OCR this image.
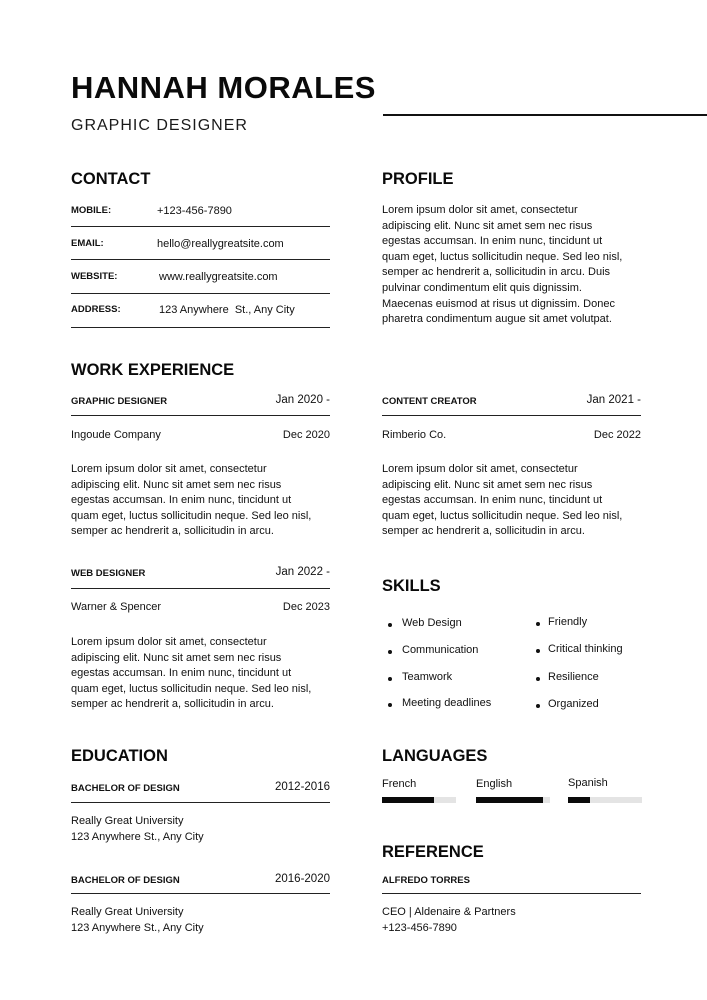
HANNAH MORALES
GRAPHIC DESIGNER
CONTACT
MOBILE:	+123-456-7890
EMAIL:	hello@reallygreatsite.com
WEBSITE:	www.reallygreatsite.com
ADDRESS:	123 Anywhere  St., Any City
PROFILE
Lorem ipsum dolor sit amet, consectetur
adipiscing elit. Nunc sit amet sem nec risus
egestas accumsan. In enim nunc, tincidunt ut
quam eget, luctus sollicitudin neque. Sed leo nisl,
semper ac hendrerit a, sollicitudin in arcu. Duis
pulvinar condimentum elit quis dignissim.
Maecenas euismod at risus ut dignissim. Donec
pharetra condimentum augue sit amet volutpat.
WORK EXPERIENCE
GRAPHIC DESIGNER	Jan 2020 -
Ingoude Company	Dec 2020
Lorem ipsum dolor sit amet, consectetur
adipiscing elit. Nunc sit amet sem nec risus
egestas accumsan. In enim nunc, tincidunt ut
quam eget, luctus sollicitudin neque. Sed leo nisl,
semper ac hendrerit a, sollicitudin in arcu.
CONTENT CREATOR	Jan 2021 -
Rimberio Co.	Dec 2022
Lorem ipsum dolor sit amet, consectetur
adipiscing elit. Nunc sit amet sem nec risus
egestas accumsan. In enim nunc, tincidunt ut
quam eget, luctus sollicitudin neque. Sed leo nisl,
semper ac hendrerit a, sollicitudin in arcu.
WEB DESIGNER	Jan 2022 -
Warner & Spencer	Dec 2023
Lorem ipsum dolor sit amet, consectetur
adipiscing elit. Nunc sit amet sem nec risus
egestas accumsan. In enim nunc, tincidunt ut
quam eget, luctus sollicitudin neque. Sed leo nisl,
semper ac hendrerit a, sollicitudin in arcu.
SKILLS
Web Design
Communication
Teamwork
Meeting deadlines
Friendly
Critical thinking
Resilience
Organized
EDUCATION
BACHELOR OF DESIGN	2012-2016
Really Great University
123 Anywhere St., Any City
BACHELOR OF DESIGN	2016-2020
Really Great University
123 Anywhere St., Any City
LANGUAGES
French	English	Spanish
REFERENCE
ALFREDO TORRES
CEO | Aldenaire & Partners
+123-456-7890
